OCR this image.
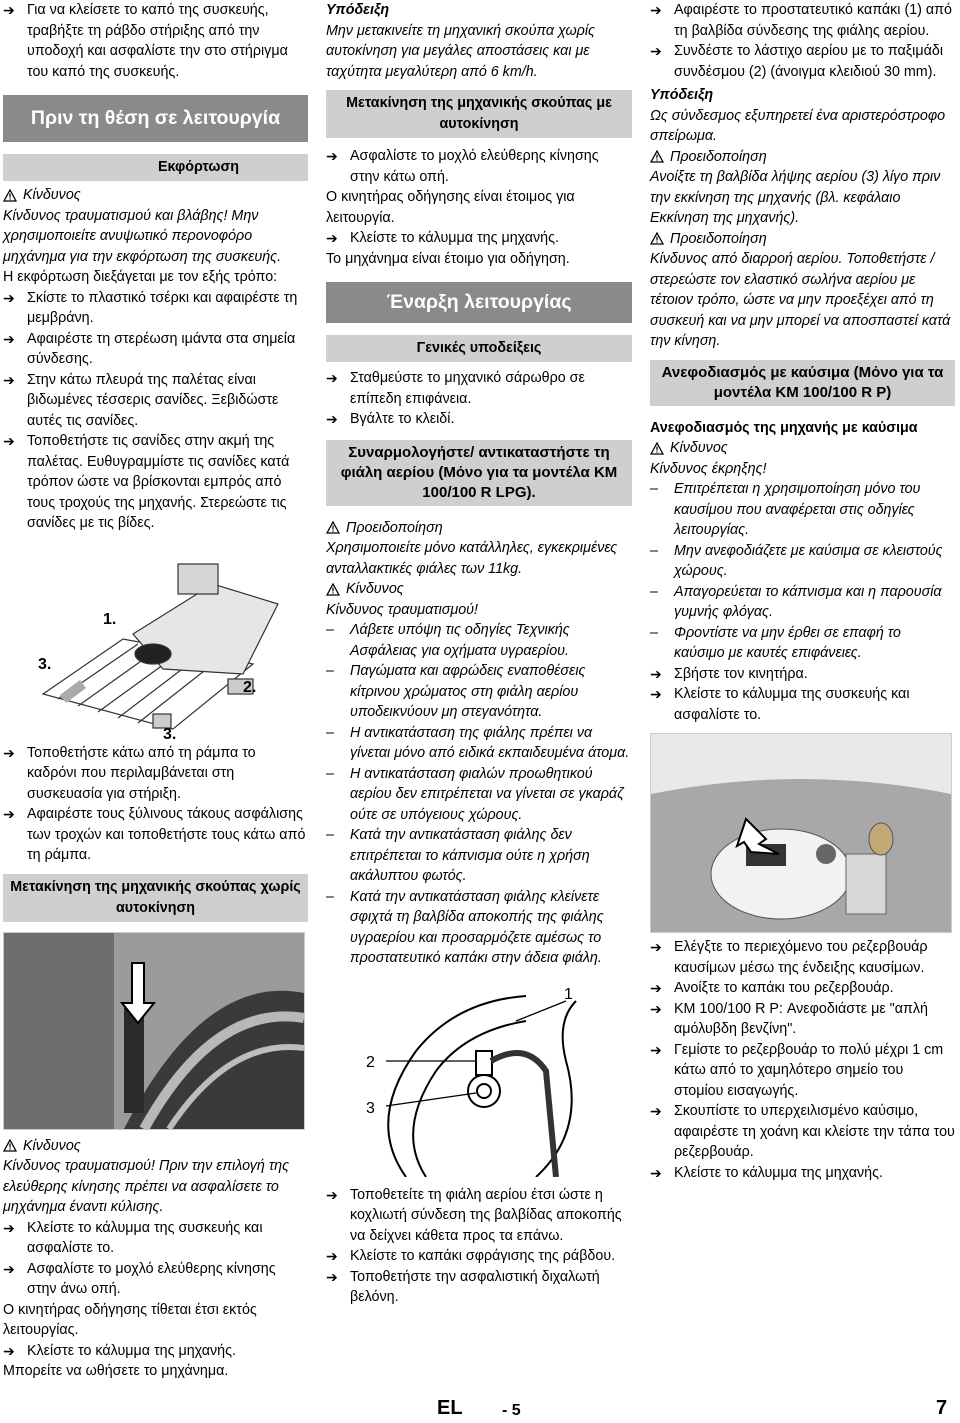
➔ Για να κλείσετε το καπό της συσκευής, τραβήξτε τη ράβδο στήριξης από την υποδοχή και ασφαλίστε την στο στήριγμα του καπό της συσκευής.
Πριν τη θέση σε λειτουργία
Εκφόρτωση
Κίνδυνος

Κίνδυνος τραυματισμού και βλάβης! Μην χρησιμοποιείτε ανυψωτικό περονοφόρο μηχάνημα για την εκφόρτωση της συσκευής.

Η εκφόρτωση διεξάγεται με τον εξής τρόπο:

➔ Σκίστε το πλαστικό τσέρκι και αφαιρέστε τη μεμβράνη.
➔ Αφαιρέστε τη στερέωση ιμάντα στα σημεία σύνδεσης.
➔ Στην κάτω πλευρά της παλέτας είναι βιδωμένες τέσσερις σανίδες. Ξεβιδώστε αυτές τις σανίδες.
➔ Τοποθετήστε τις σανίδες στην ακμή της παλέτας. Ευθυγραμμίστε τις σανίδες κατά τρόπον ώστε να βρίσκονται εμπρός από τους τροχούς της μηχανής. Στερεώστε τις σανίδες με τις βίδες.
1.
3.
2.
3.
➔ Τοποθετήστε κάτω από τη ράμπα το καδρόνι που περιλαμβάνεται στη συσκευασία για στήριξη.
➔ Αφαιρέστε τους ξύλινους τάκους ασφάλισης των τροχών και τοποθετήστε τους κάτω από τη ράμπα.
Μετακίνηση της μηχανικής σκούπας χωρίς αυτοκίνηση
Κίνδυνος

Κίνδυνος τραυματισμού! Πριν την επιλογή της ελεύθερης κίνησης πρέπει να ασφαλίσετε το μηχάνημα έναντι κύλισης.

➔ Κλείστε το κάλυμμα της συσκευής και ασφαλίστε το.
➔ Ασφαλίστε το μοχλό ελεύθερης κίνησης στην άνω οπή.

Ο κινητήρας οδήγησης τίθεται έτσι εκτός λειτουργίας.

➔ Κλείστε το κάλυμμα της μηχανής.

Μπορείτε να ωθήσετε το μηχάνημα.

Υπόδειξη

Μην μετακινείτε τη μηχανική σκούπα χωρίς αυτοκίνηση για μεγάλες αποστάσεις και με ταχύτητα μεγαλύτερη από 6 km/h.

Μετακίνηση της μηχανικής σκούπας με αυτοκίνηση
➔ Ασφαλίστε το μοχλό ελεύθερης κίνησης στην κάτω οπή.

Ο κινητήρας οδήγησης είναι έτοιμος για λειτουργία.

➔ Κλείστε το κάλυμμα της μηχανής.

Το μηχάνημα είναι έτοιμο για οδήγηση.

Έναρξη λειτουργίας
Γενικές υποδείξεις
➔ Σταθμεύστε το μηχανικό σάρωθρο σε επίπεδη επιφάνεια.
➔ Βγάλτε το κλειδί.
Συναρμολογήστε/ αντικαταστήστε τη φιάλη αερίου (Μόνο για τα μοντέλα KM 100/100 R LPG).
Προειδοποίηση

Χρησιμοποιείτε μόνο κατάλληλες, εγκεκριμένες ανταλλακτικές φιάλες των 11kg.

Κίνδυνος

Κίνδυνος τραυματισμού!

– Λάβετε υπόψη τις οδηγίες Τεχνικής Ασφάλειας για οχήματα υγραερίου.
– Παγώματα και αφρώδεις εναποθέσεις κίτρινου χρώματος στη φιάλη αερίου υποδεικνύουν μη στεγανότητα.
– Η αντικατάσταση της φιάλης πρέπει να γίνεται μόνο από ειδικά εκπαιδευμένα άτομα.
– Η αντικατάσταση φιαλών προωθητικού αερίου δεν επιτρέπεται να γίνεται σε γκαράζ ούτε σε υπόγειους χώρους.
– Κατά την αντικατάσταση φιάλης δεν επιτρέπεται το κάπνισμα ούτε η χρήση ακάλυπτου φωτός.
– Κατά την αντικατάσταση φιάλης κλείνετε σφιχτά τη βαλβίδα αποκοπής της φιάλης υγραερίου και προσαρμόζετε αμέσως το προστατευτικό καπάκι στην άδεια φιάλη.
1
2
3
➔ Τοποθετείτε τη φιάλη αερίου έτσι ώστε η κοχλιωτή σύνδεση της βαλβίδας αποκοπής να δείχνει κάθετα προς τα επάνω.
➔ Κλείστε το καπάκι σφράγισης της ράβδου.
➔ Τοποθετήστε την ασφαλιστική διχαλωτή βελόνη.
➔ Αφαιρέστε το προστατευτικό καπάκι (1) από τη βαλβίδα σύνδεσης της φιάλης αερίου.
➔ Συνδέστε το λάστιχο αερίου με το παξιμάδι συνδέσμου (2) (άνοιγμα κλειδιού 30 mm).

Υπόδειξη

Ως σύνδεσμος εξυπηρετεί ένα αριστερόστροφο σπείρωμα.

Προειδοποίηση

Ανοίξτε τη βαλβίδα λήψης αερίου (3) λίγο πριν την εκκίνηση της μηχανής (βλ. κεφάλαιο Εκκίνηση της μηχανής).

Προειδοποίηση

Κίνδυνος από διαρροή αερίου. Τοποθετήστε /στερεώστε τον ελαστικό σωλήνα αερίου με τέτοιον τρόπο, ώστε να μην προεξέχει από τη συσκευή και να μην μπορεί να αποσπαστεί κατά την κίνηση.

Ανεφοδιασμός με καύσιμα (Μόνο για τα μοντέλα KM 100/100 R P)

Ανεφοδιασμός της μηχανής με καύσιμα

Κίνδυνος

Κίνδυνος έκρηξης!

– Επιτρέπεται η χρησιμοποίηση μόνο του καυσίμου που αναφέρεται στις οδηγίες λειτουργίας.
– Μην ανεφοδιάζετε με καύσιμα σε κλειστούς χώρους.
– Απαγορεύεται το κάπνισμα και η παρουσία γυμνής φλόγας.
– Φροντίστε να μην έρθει σε επαφή το καύσιμο με καυτές επιφάνειες.
➔ Σβήστε τον κινητήρα.
➔ Κλείστε το κάλυμμα της συσκευής και ασφαλίστε το.
➔ Ελέγξτε το περιεχόμενο του ρεζερβουάρ καυσίμων μέσω της ένδειξης καυσίμων.
➔ Ανοίξτε το καπάκι του ρεζερβουάρ.
➔ KM 100/100 R P: Ανεφοδιάστε με "απλή αμόλυβδη βενζίνη".
➔ Γεμίστε το ρεζερβουάρ το πολύ μέχρι 1 cm κάτω από το χαμηλότερο σημείο του στομίου εισαγωγής.
➔ Σκουπίστε το υπερχειλισμένο καύσιμο, αφαιρέστε τη χοάνη και κλείστε την τάπα του ρεζερβουάρ.
➔ Κλείστε το κάλυμμα της μηχανής.
EL - 5	7
